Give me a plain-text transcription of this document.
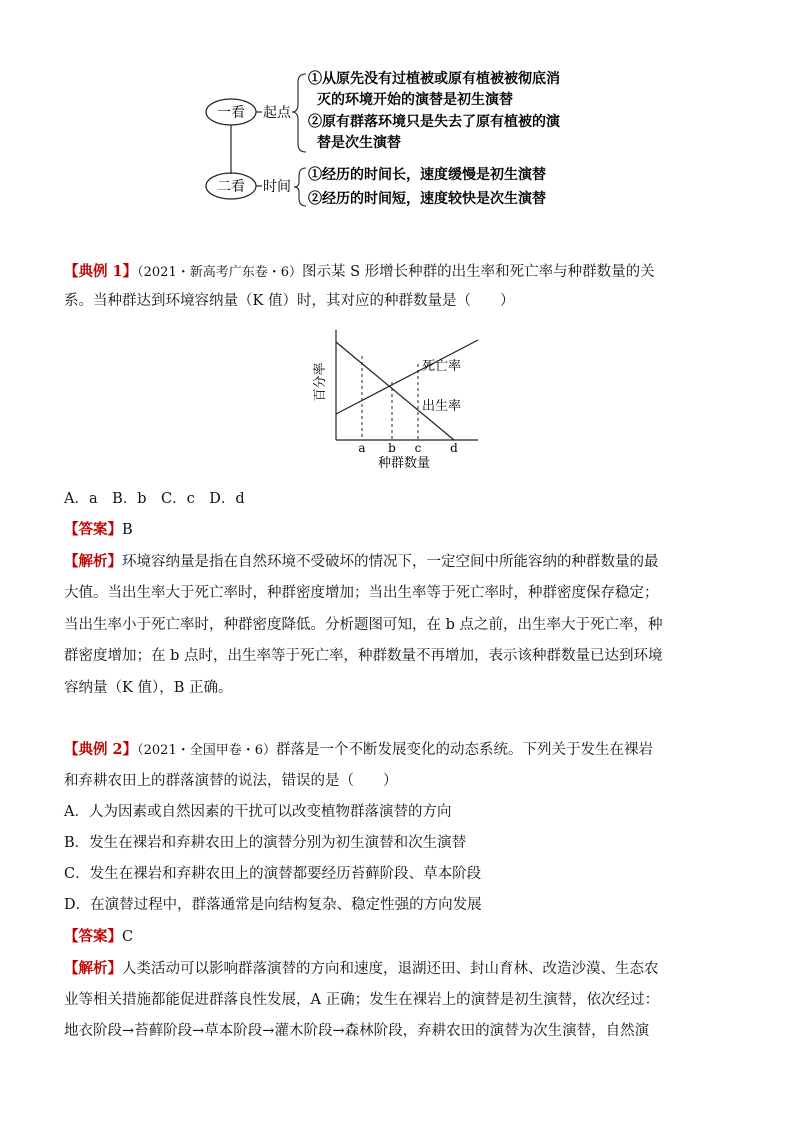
一看
二看
起点
时间
①从原先没有过植被或原有植被被彻底消
灭的环境开始的演替是初生演替
②原有群落环境只是失去了原有植被的演
替是次生演替
①经历的时间长，速度缓慢是初生演替
②经历的时间短，速度较快是次生演替
【典例 1】（2021・新高考广东卷・6）图示某 S 形增长种群的出生率和死亡率与种群数量的关
系。当种群达到环境容纳量（K 值）时，其对应的种群数量是（　　）
a b c d
种群数量
百分率	死亡率
出生率
A．a　B．b　C．c　D．d
【答案】B
【解析】环境容纳量是指在自然环境不受破坏的情况下，一定空间中所能容纳的种群数量的最
大值。当出生率大于死亡率时，种群密度增加；当出生率等于死亡率时，种群密度保存稳定；
当出生率小于死亡率时，种群密度降低。分析题图可知，在 b 点之前，出生率大于死亡率，种
群密度增加；在 b 点时，出生率等于死亡率，种群数量不再增加，表示该种群数量已达到环境
容纳量（K 值），B 正确。
【典例 2】（2021・全国甲卷・6）群落是一个不断发展变化的动态系统。下列关于发生在裸岩
和弃耕农田上的群落演替的说法，错误的是（　　）
A．人为因素或自然因素的干扰可以改变植物群落演替的方向
B．发生在裸岩和弃耕农田上的演替分别为初生演替和次生演替
C．发生在裸岩和弃耕农田上的演替都要经历苔藓阶段、草本阶段
D．在演替过程中，群落通常是向结构复杂、稳定性强的方向发展
【答案】C
【解析】人类活动可以影响群落演替的方向和速度，退湖还田、封山育林、改造沙漠、生态农
业等相关措施都能促进群落良性发展，A 正确；发生在裸岩上的演替是初生演替，依次经过：
地衣阶段→苔藓阶段→草本阶段→灌木阶段→森林阶段，弃耕农田的演替为次生演替，自然演
